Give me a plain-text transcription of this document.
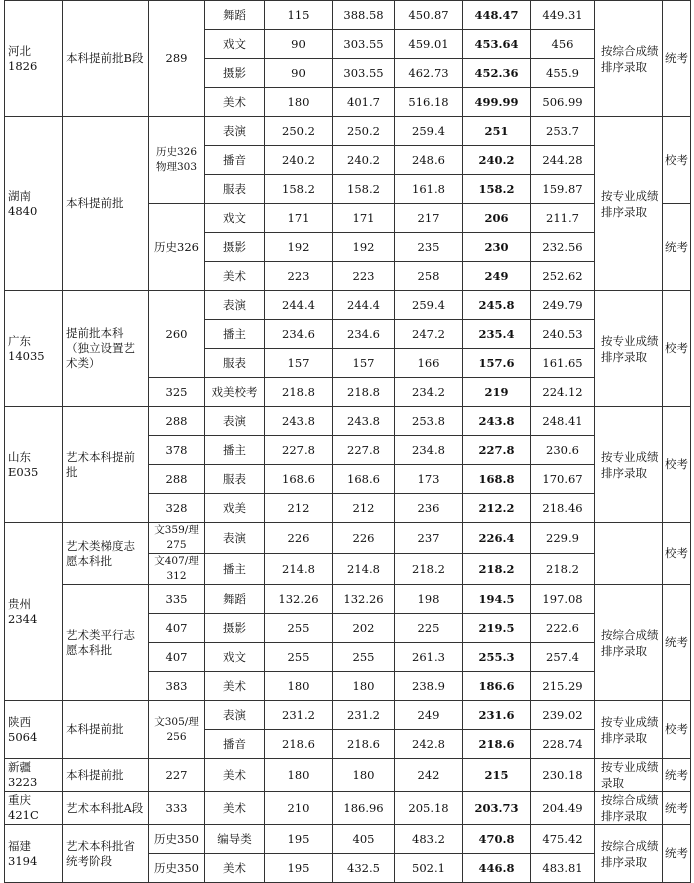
河北1826	本科提前批B段	289	舞蹈	115	388.58	450.87	448.47	449.31	按综合成绩排序录取	统考
			戏文	90	303.55	459.01	453.64	456		
			摄影	90	303.55	462.73	452.36	455.9		
			美术	180	401.7	516.18	499.99	506.99		
湖南4840	本科提前批	历史326物理303	表演	250.2	250.2	259.4	251	253.7	按专业成绩排序录取	校考
			播音	240.2	240.2	248.6	240.2	244.28		
			服表	158.2	158.2	161.8	158.2	159.87		
		历史326	戏文	171	171	217	206	211.7		统考
			摄影	192	192	235	230	232.56		
			美术	223	223	258	249	252.62		
广东14035	提前批本科（独立设置艺术类）	260	表演	244.4	244.4	259.4	245.8	249.79	按专业成绩排序录取	校考
			播主	234.6	234.6	247.2	235.4	240.53		
			服表	157	157	166	157.6	161.65		
		325	戏美校考	218.8	218.8	234.2	219	224.12		
山东E035	艺术本科提前批	288	表演	243.8	243.8	253.8	243.8	248.41	按专业成绩排序录取	校考
		378	播主	227.8	227.8	234.8	227.8	230.6		
		288	服表	168.6	168.6	173	168.8	170.67		
		328	戏美	212	212	236	212.2	218.46		
贵州2344	艺术类梯度志愿本科批	文359/理275	表演	226	226	237	226.4	229.9		校考
		文407/理312	播主	214.8	214.8	218.2	218.2	218.2		
	艺术类平行志愿本科批	335	舞蹈	132.26	132.26	198	194.5	197.08	按综合成绩排序录取	统考
		407	摄影	255	202	225	219.5	222.6		
		407	戏文	255	255	261.3	255.3	257.4		
		383	美术	180	180	238.9	186.6	215.29		
陕西5064	本科提前批	文305/理256	表演	231.2	231.2	249	231.6	239.02	按专业成绩排序录取	校考
			播音	218.6	218.6	242.8	218.6	228.74		
新疆3223	本科提前批	227	美术	180	180	242	215	230.18	按专业成绩录取	统考
重庆421C	艺术本科批A段	333	美术	210	186.96	205.18	203.73	204.49	按综合成绩排序录取	统考
福建3194	艺术本科批省统考阶段	历史350	编导类	195	405	483.2	470.8	475.42	按综合成绩排序录取	统考
		历史350	美术	195	432.5	502.1	446.8	483.81		
